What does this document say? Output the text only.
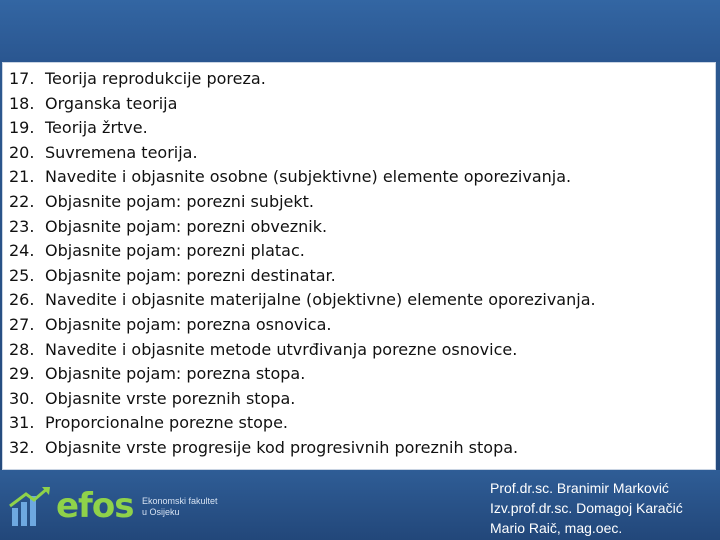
17. Teorija reprodukcije poreza.
18. Organska teorija
19. Teorija žrtve.
20. Suvremena teorija.
21. Navedite i objasnite osobne (subjektivne) elemente oporezivanja.
22. Objasnite pojam: porezni subjekt.
23. Objasnite pojam: porezni obveznik.
24. Objasnite pojam: porezni platac.
25. Objasnite pojam: porezni destinatar.
26. Navedite i objasnite materijalne (objektivne) elemente oporezivanja.
27. Objasnite pojam: porezna osnovica.
28. Navedite i objasnite metode utvrđivanja porezne osnovice.
29. Objasnite pojam: porezna stopa.
30. Objasnite vrste poreznih stopa.
31. Proporcionalne porezne stope.
32. Objasnite vrste progresije kod progresivnih poreznih stopa.
efos Ekonomski fakultet
u Osijeku
Prof.dr.sc. Branimir Marković
Izv.prof.dr.sc. Domagoj Karačić
Mario Raič, mag.oec.
